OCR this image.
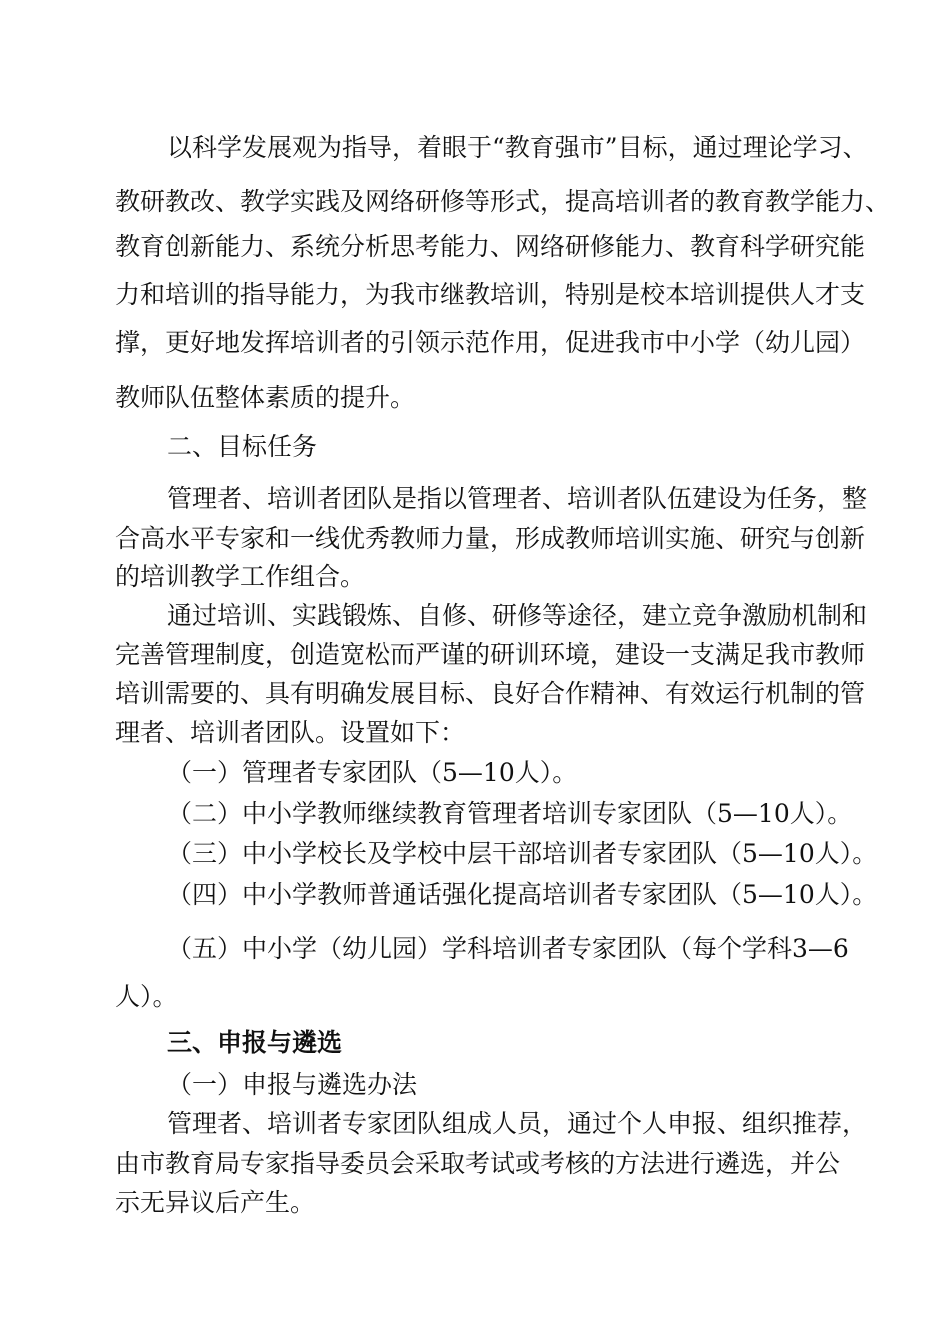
以科学发展观为指导，着眼于“教育强市”目标，通过理论学习、
教研教改、教学实践及网络研修等形式，提高培训者的教育教学能力、
教育创新能力、系统分析思考能力、网络研修能力、教育科学研究能
力和培训的指导能力，为我市继教培训，特别是校本培训提供人才支
撑，更好地发挥培训者的引领示范作用，促进我市中小学（幼儿园）
教师队伍整体素质的提升。
二、目标任务
管理者、培训者团队是指以管理者、培训者队伍建设为任务，整
合高水平专家和一线优秀教师力量，形成教师培训实施、研究与创新
的培训教学工作组合。
通过培训、实践锻炼、自修、研修等途径，建立竞争激励机制和
完善管理制度，创造宽松而严谨的研训环境，建设一支满足我市教师
培训需要的、具有明确发展目标、良好合作精神、有效运行机制的管
理者、培训者团队。设置如下：
（一）管理者专家团队（5—10人）。
（二）中小学教师继续教育管理者培训专家团队（5—10人）。
（三）中小学校长及学校中层干部培训者专家团队（5—10人）。
（四）中小学教师普通话强化提高培训者专家团队（5—10人）。
（五）中小学（幼儿园）学科培训者专家团队（每个学科3—6
人）。
三、申报与遴选
（一）申报与遴选办法
管理者、培训者专家团队组成人员，通过个人申报、组织推荐，
由市教育局专家指导委员会采取考试或考核的方法进行遴选，并公
示无异议后产生。
